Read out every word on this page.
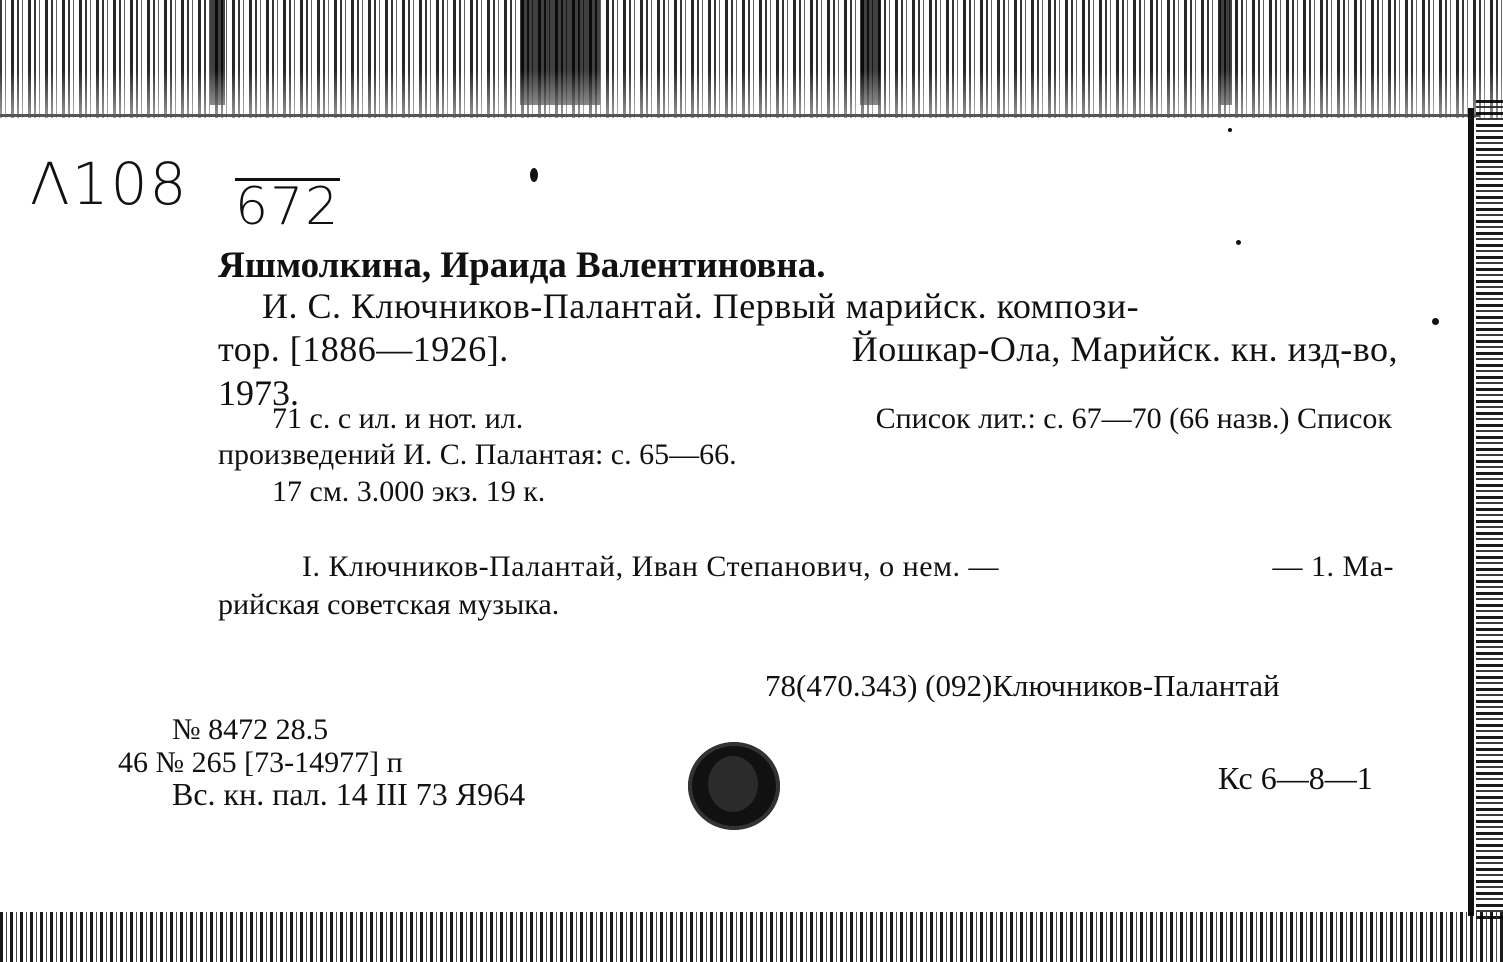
Λ108 672
Яшмолкина, Ираида Валентиновна.
И. С. Ключников-Палантай. Первый марийск. компози-
тор. [1886—1926].	Йошкар-Ола, Марийск. кн. изд-во,
1973.
71 с. с ил. и нот. ил.	Список лит.: с. 67—70 (66 назв.) Список
произведений И. С. Палантая: с. 65—66.
17 см. 3.000 экз. 19 к.
I. Ключников-Палантай, Иван Степанович, о нем. —	— 1. Ма-
рийская советская музыка.
78(470.343) (092)Ключников-Палантай
№ 8472 28.5
46 № 265 [73-14977] п
Вс. кн. пал. 14 III 73 Я964	Кс 6—8—1
